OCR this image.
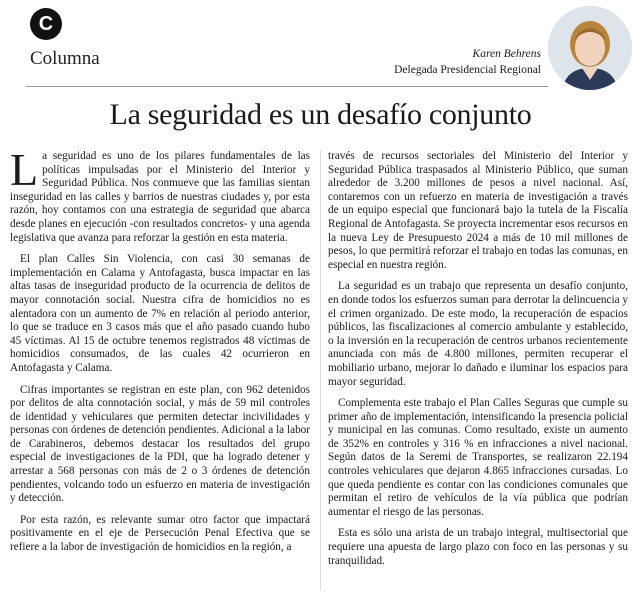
C
Columna	Karen Behrens
Delegada Presidencial Regional
La seguridad es un desafío conjunto

La seguridad es uno de los pilares fundamentales de las políticas impulsadas por el Ministerio del Interior y Seguridad Pública. Nos conmueve que las familias sientan inseguridad en las calles y barrios de nuestras ciudades y, por esta razón, hoy contamos con una estrategia de seguridad que abarca desde planes en ejecución -con resultados concretos- y una agenda legislativa que avanza para reforzar la gestión en esta materia.

El plan Calles Sin Violencia, con casi 30 semanas de implementación en Calama y Antofagasta, busca impactar en las altas tasas de inseguridad producto de la ocurrencia de delitos de mayor connotación social. Nuestra cifra de homicidios no es alentadora con un aumento de 7% en relación al periodo anterior, lo que se traduce en 3 casos más que el año pasado cuando hubo 45 víctimas. Al 15 de octubre tenemos registrados 48 víctimas de homicidios consumados, de las cuales 42 ocurrieron en Antofagasta y Calama.

Cifras importantes se registran en este plan, con 962 detenidos por delitos de alta connotación social, y más de 59 mil controles de identidad y vehiculares que permiten detectar incivilidades y personas con órdenes de detención pendientes. Adicional a la labor de Carabineros, debemos destacar los resultados del grupo especial de investigaciones de la PDI, que ha logrado detener y arrestar a 568 personas con más de 2 o 3 órdenes de detención pendientes, volcando todo un esfuerzo en materia de investigación y detección.

Por esta razón, es relevante sumar otro factor que impactará positivamente en el eje de Persecución Penal Efectiva que se refiere a la labor de investigación de homicidios en la región, a

través de recursos sectoriales del Ministerio del Interior y Seguridad Pública traspasados al Ministerio Público, que suman alrededor de 3.200 millones de pesos a nivel nacional. Así, contaremos con un refuerzo en materia de investigación a través de un equipo especial que funcionará bajo la tutela de la Fiscalía Regional de Antofagasta. Se proyecta incrementar esos recursos en la nueva Ley de Presupuesto 2024 a más de 10 mil millones de pesos, lo que permitirá reforzar el trabajo en todas las comunas, en especial en nuestra región.

La seguridad es un trabajo que representa un desafío conjunto, en donde todos los esfuerzos suman para derrotar la delincuencia y el crimen organizado. De este modo, la recuperación de espacios públicos, las fiscalizaciones al comercio ambulante y establecido, o la inversión en la recuperación de centros urbanos recientemente anunciada con más de 4.800 millones, permiten recuperar el mobiliario urbano, mejorar lo dañado e iluminar los espacios para mayor seguridad.

Complementa este trabajo el Plan Calles Seguras que cumple su primer año de implementación, intensificando la presencia policial y municipal en las comunas. Como resultado, existe un aumento de 352% en controles y 316 % en infracciones a nivel nacional. Según datos de la Seremi de Transportes, se realizaron 22.194 controles vehiculares que dejaron 4.865 infracciones cursadas. Lo que queda pendiente es contar con las condiciones comunales que permitan el retiro de vehículos de la vía pública que podrían aumentar el riesgo de las personas.

Esta es sólo una arista de un trabajo integral, multisectorial que requiere una apuesta de largo plazo con foco en las personas y su tranquilidad.
